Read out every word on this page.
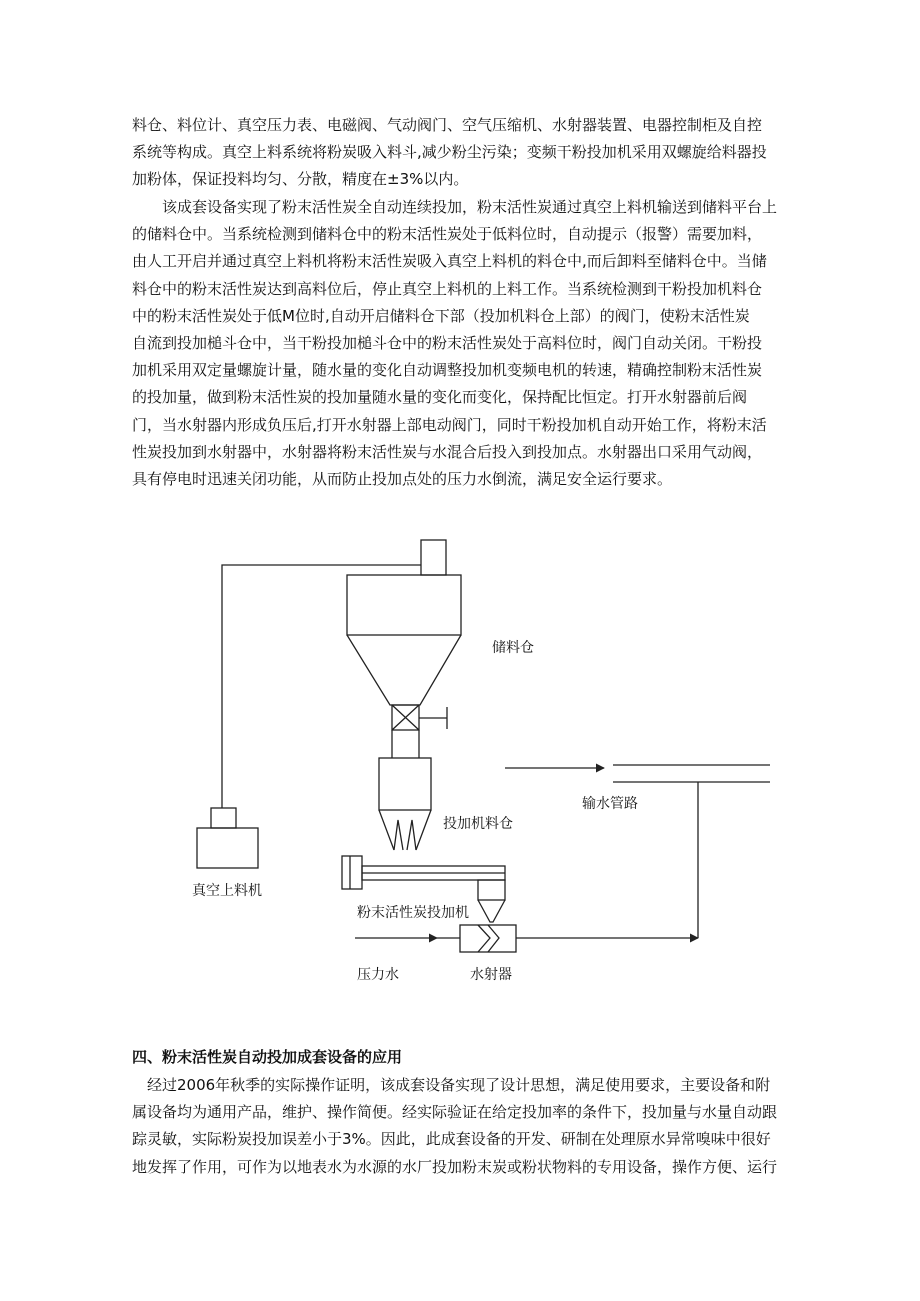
料仓、料位计、真空压力表、电磁阀、气动阀门、空气压缩机、水射器装置、电器控制柜及自控
系统等构成。真空上料系统将粉炭吸入料斗,减少粉尘污染；变频干粉投加机采用双螺旋给料器投
加粉体，保证投料均匀、分散，精度在±3%以内。

该成套设备实现了粉末活性炭全自动连续投加，粉末活性炭通过真空上料机输送到储料平台上
的储料仓中。当系统检测到储料仓中的粉末活性炭处于低料位时，自动提示（报警）需要加料，
由人工开启并通过真空上料机将粉末活性炭吸入真空上料机的料仓中,而后卸料至储料仓中。当储
料仓中的粉末活性炭达到高料位后，停止真空上料机的上料工作。当系统检测到干粉投加机料仓
中的粉末活性炭处于低M位时,自动开启储料仓下部（投加机料仓上部）的阀门，使粉末活性炭
自流到投加槌斗仓中，当干粉投加槌斗仓中的粉末活性炭处于高料位时，阀门自动关闭。干粉投
加机采用双定量螺旋计量，随水量的变化自动调整投加机变频电机的转速，精确控制粉末活性炭
的投加量，做到粉末活性炭的投加量随水量的变化而变化，保持配比恒定。打开水射器前后阀
门，当水射器内形成负压后,打开水射器上部电动阀门，同时干粉投加机自动开始工作，将粉末活
性炭投加到水射器中，水射器将粉末活性炭与水混合后投入到投加点。水射器出口采用气动阀，
具有停电时迅速关闭功能，从而防止投加点处的压力水倒流，满足安全运行要求。

储料仓
输水管路
投加机料仓
真空上料机
粉末活性炭投加机
压力水	水射器
四、粉末活性炭自动投加成套设备的应用

经过2006年秋季的实际操作证明，该成套设备实现了设计思想，满足使用要求，主要设备和附
属设备均为通用产品，维护、操作简便。经实际验证在给定投加率的条件下，投加量与水量自动跟
踪灵敏，实际粉炭投加误差小于3%。因此，此成套设备的开发、研制在处理原水异常嗅味中很好
地发挥了作用，可作为以地表水为水源的水厂投加粉末炭或粉状物料的专用设备，操作方便、运行
